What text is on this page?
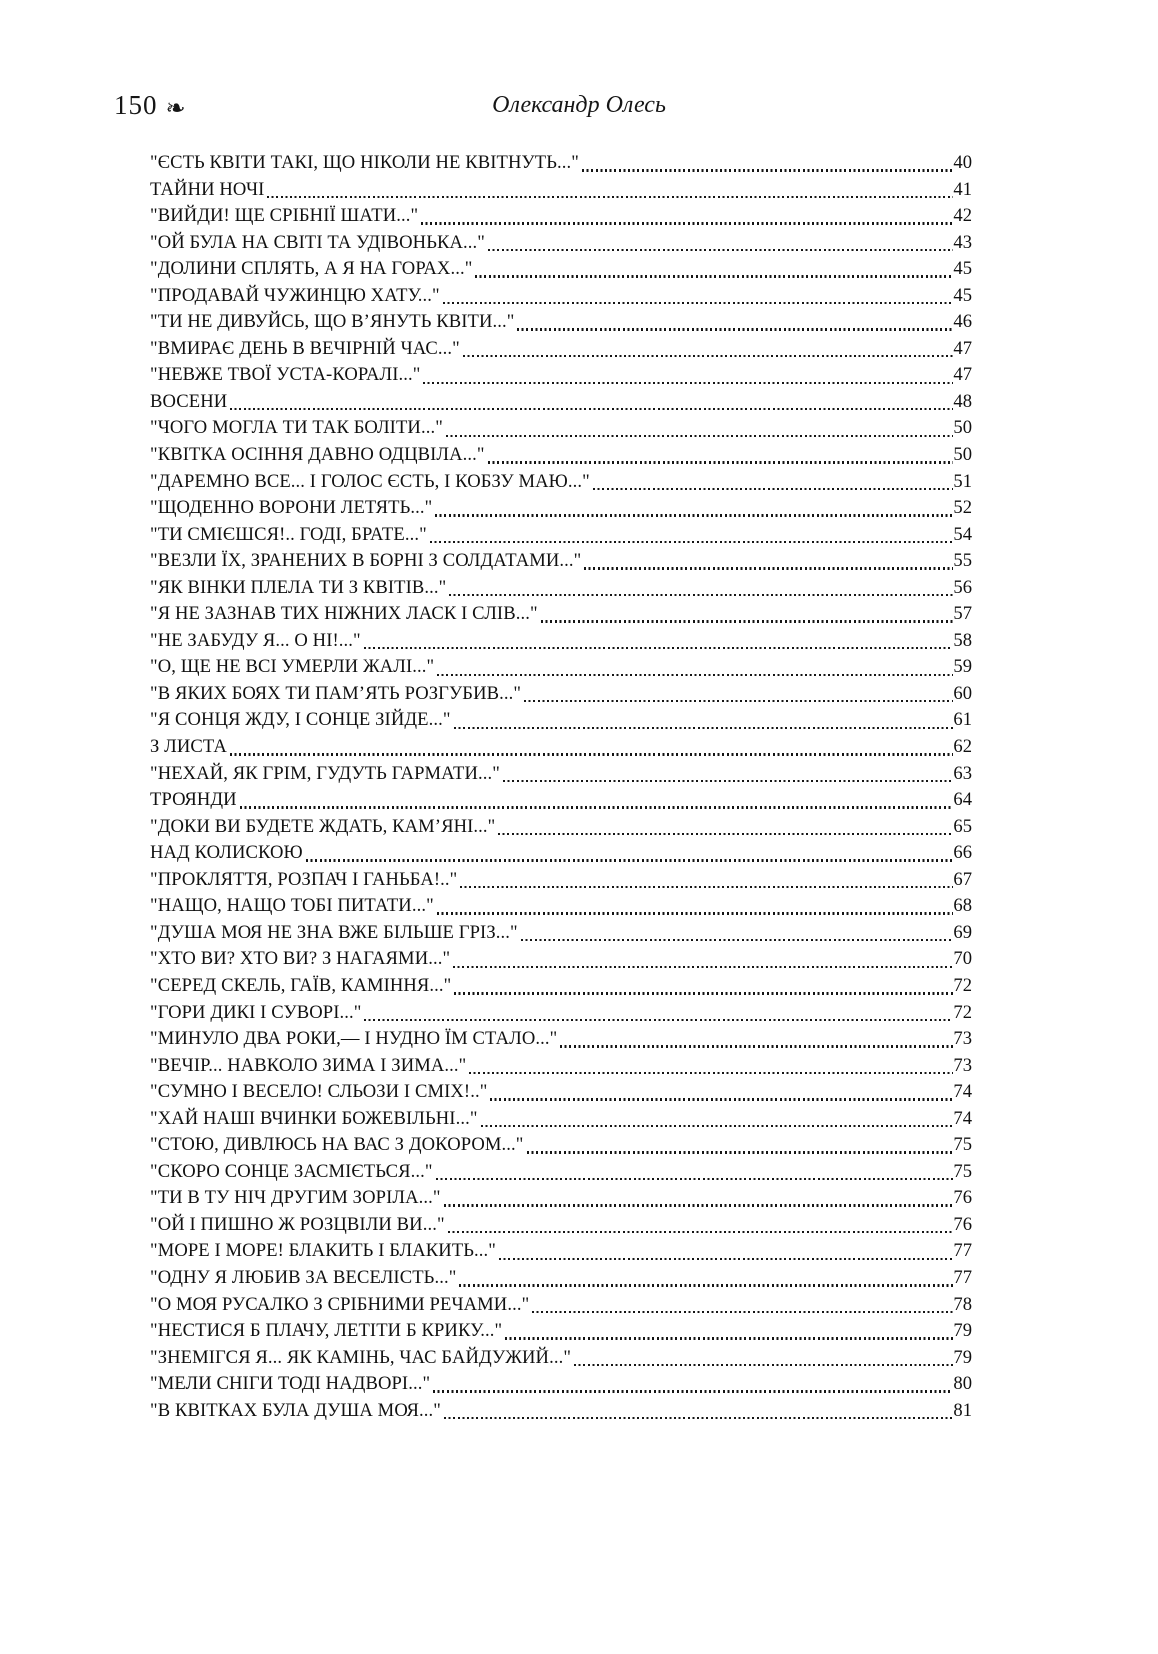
150 ❧	Олександр Олесь
"ЄСТЬ КВІТИ ТАКІ, ЩО НІКОЛИ НЕ КВІТНУТЬ..."	40
ТАЙНИ НОЧІ	41
"ВИЙДИ! ЩЕ СРІБНІЇ ШАТИ..."	42
"ОЙ БУЛА НА СВІТІ ТА УДІВОНЬКА..."	43
"ДОЛИНИ СПЛЯТЬ, А Я НА ГОРАХ..."	45
"ПРОДАВАЙ ЧУЖИНЦЮ ХАТУ..."	45
"ТИ НЕ ДИВУЙСЬ, ЩО В’ЯНУТЬ КВІТИ..."	46
"ВМИРАЄ ДЕНЬ В ВЕЧІРНІЙ ЧАС..."	47
"НЕВЖЕ ТВОЇ УСТА-КОРАЛІ..."	47
ВОСЕНИ	48
"ЧОГО МОГЛА ТИ ТАК БОЛІТИ..."	50
"КВІТКА ОСІННЯ ДАВНО ОДЦВІЛА..."	50
"ДАРЕМНО ВСЕ... І ГОЛОС ЄСТЬ, І КОБЗУ МАЮ..."	51
"ЩОДЕННО ВОРОНИ ЛЕТЯТЬ..."	52
"ТИ СМІЄШСЯ!.. ГОДІ, БРАТЕ..."	54
"ВЕЗЛИ ЇХ, ЗРАНЕНИХ В БОРНІ З СОЛДАТАМИ..."	55
"ЯК ВІНКИ ПЛЕЛА ТИ З КВІТІВ..."	56
"Я НЕ ЗАЗНАВ ТИХ НІЖНИХ ЛАСК І СЛІВ..."	57
"НЕ ЗАБУДУ Я... О НІ!..."	58
"О, ЩЕ НЕ ВСІ УМЕРЛИ ЖАЛІ..."	59
"В ЯКИХ БОЯХ ТИ ПАМ’ЯТЬ РОЗГУБИВ..."	60
"Я СОНЦЯ ЖДУ, І СОНЦЕ ЗІЙДЕ..."	61
З ЛИСТА	62
"НЕХАЙ, ЯК ГРІМ, ГУДУТЬ ГАРМАТИ..."	63
ТРОЯНДИ	64
"ДОКИ ВИ БУДЕТЕ ЖДАТЬ, КАМ’ЯНІ..."	65
НАД КОЛИСКОЮ	66
"ПРОКЛЯТТЯ, РОЗПАЧ І ГАНЬБА!.."	67
"НАЩО, НАЩО ТОБІ ПИТАТИ..."	68
"ДУША МОЯ НЕ ЗНА ВЖЕ БІЛЬШЕ ГРІЗ..."	69
"ХТО ВИ? ХТО ВИ? З НАГАЯМИ..."	70
"СЕРЕД СКЕЛЬ, ГАЇВ, КАМІННЯ..."	72
"ГОРИ ДИКІ І СУВОРІ..."	72
"МИНУЛО ДВА РОКИ,— І НУДНО ЇМ СТАЛО..."	73
"ВЕЧІР... НАВКОЛО ЗИМА І ЗИМА..."	73
"СУМНО І ВЕСЕЛО! СЛЬОЗИ І СМІХ!.."	74
"ХАЙ НАШІ ВЧИНКИ БОЖЕВІЛЬНІ..."	74
"СТОЮ, ДИВЛЮСЬ НА ВАС З ДОКОРОМ..."	75
"СКОРО СОНЦЕ ЗАСМІЄТЬСЯ..."	75
"ТИ В ТУ НІЧ ДРУГИМ ЗОРІЛА..."	76
"ОЙ І ПИШНО Ж РОЗЦВІЛИ ВИ..."	76
"МОРЕ І МОРЕ! БЛАКИТЬ І БЛАКИТЬ..."	77
"ОДНУ Я ЛЮБИВ ЗА ВЕСЕЛІСТЬ..."	77
"О МОЯ РУСАЛКО З СРІБНИМИ РЕЧАМИ..."	78
"НЕСТИСЯ Б ПЛАЧУ, ЛЕТІТИ Б КРИКУ..."	79
"ЗНЕМІГСЯ Я... ЯК КАМІНЬ, ЧАС БАЙДУЖИЙ..."	79
"МЕЛИ СНІГИ ТОДІ НАДВОРІ..."	80
"В КВІТКАХ БУЛА ДУША МОЯ..."	81
